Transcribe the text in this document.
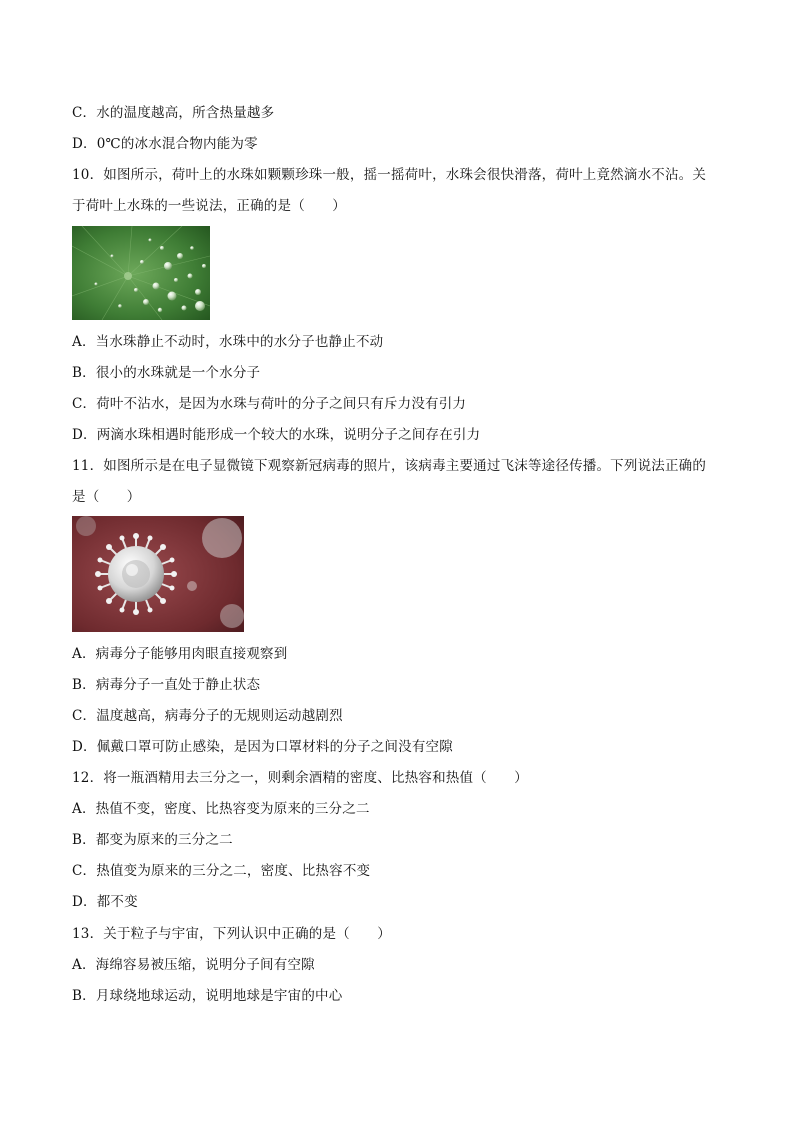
C．水的温度越高，所含热量越多
D．0℃的冰水混合物内能为零
10．如图所示，荷叶上的水珠如颗颗珍珠一般，摇一摇荷叶，水珠会很快滑落，荷叶上竟然滴水不沾。关
于荷叶上水珠的一些说法，正确的是（　　）
A．当水珠静止不动时，水珠中的水分子也静止不动
B．很小的水珠就是一个水分子
C．荷叶不沾水，是因为水珠与荷叶的分子之间只有斥力没有引力
D．两滴水珠相遇时能形成一个较大的水珠，说明分子之间存在引力
11．如图所示是在电子显微镜下观察新冠病毒的照片，该病毒主要通过飞沫等途径传播。下列说法正确的
是（　　）
A．病毒分子能够用肉眼直接观察到
B．病毒分子一直处于静止状态
C．温度越高，病毒分子的无规则运动越剧烈
D．佩戴口罩可防止感染，是因为口罩材料的分子之间没有空隙
12．将一瓶酒精用去三分之一，则剩余酒精的密度、比热容和热值（　　）
A．热值不变，密度、比热容变为原来的三分之二
B．都变为原来的三分之二
C．热值变为原来的三分之二，密度、比热容不变
D．都不变
13．关于粒子与宇宙，下列认识中正确的是（　　）
A．海绵容易被压缩，说明分子间有空隙
B．月球绕地球运动，说明地球是宇宙的中心
